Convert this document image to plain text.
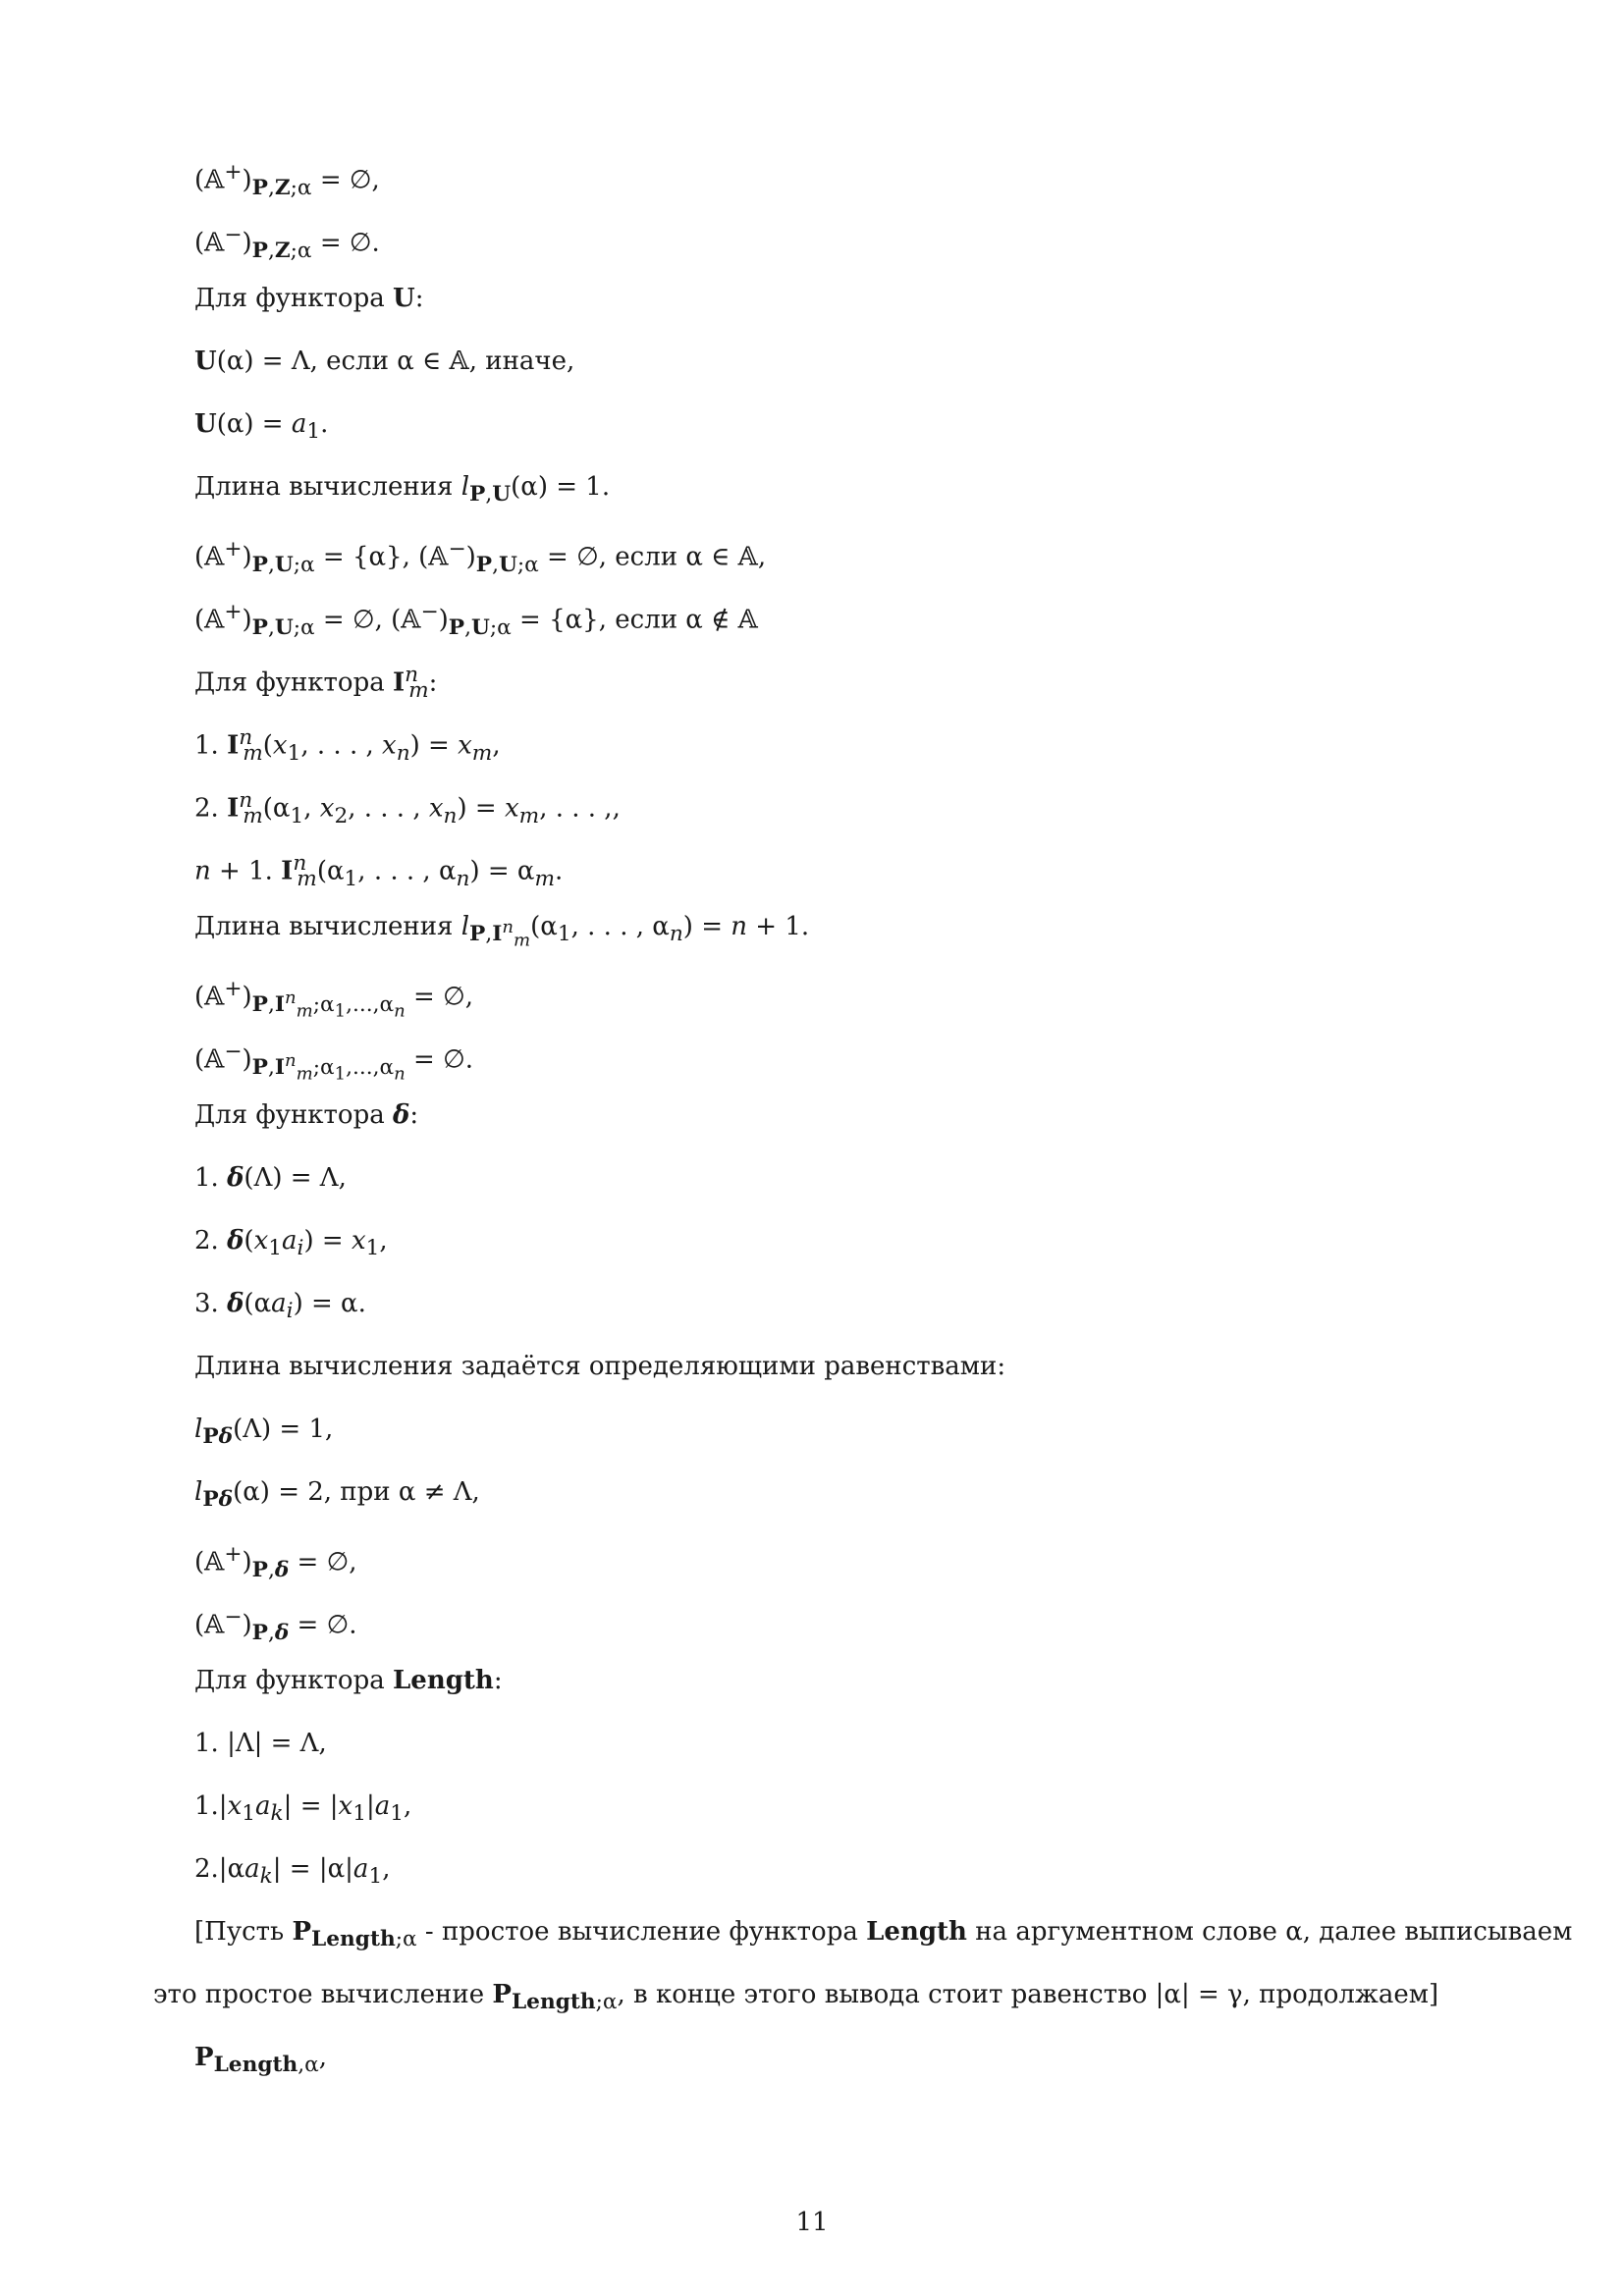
$(𝔸^+)_{P,Z;\alpha}$ = ∅,
$(𝔸^-)_{P,Z;\alpha}$ = ∅.
Для функтора U:
U(α) = Λ, если α ∈ 𝔸, иначе,
$U(\alpha) = a_1$.
Длина вычисления $l_{P,U}(\alpha) = 1$.
$(𝔸^+)_{P,U;\alpha} = \{\alpha\}$, $(𝔸^-)_{P,U;\alpha}$ = ∅, если α ∈ 𝔸,
$(𝔸^+)_{P,U;\alpha}$ = ∅, $(𝔸^-)_{P,U;\alpha} = \{\alpha\}$, если α ∉ 𝔸
Для функтора $I^n_m$:
1. $I^n_m(x_1$, . . . , $x_n) = x_m$,
2. $I^n_m(\alpha_1$, $x_2$, . . . , $x_n) = x_m$, . . . ,,
n + 1. $I^n_m(\alpha_1$, . . . , $\alpha_n) = \alpha_m$.
Длина вычисления $l_{P,I^n_m}(\alpha_1$, . . . , $\alpha_n) = n + 1$.
$(𝔸^+)_{P,I^n_m;\alpha_1,...,\alpha_n}$ = ∅,
$(𝔸^-)_{P,I^n_m;\alpha_1,...,\alpha_n}$ = ∅.
Для функтора δ:
1. δ(Λ) = Λ,
2. $\delta(x_1a_i) = x_1$,
3. $\delta(\alpha a_i) = \alpha$.
Длина вычисления задаётся определяющими равенствами:
$l_{P\delta}(\Lambda) = 1$,
$l_{P\delta}(\alpha) = 2$, при α ≠ Λ,
$(𝔸^+)_{P,\delta}$ = ∅,
$(𝔸^-)_{P,\delta}$ = ∅.
Для функтора Length:
1. |Λ| = Λ,
$1.|x_1a_k| = |x_1|a_1$,
$2.|\alpha a_k| = |\alpha|a_1$,
[Пусть $P_{Length;\alpha}$ - простое вычисление функтора Length на аргументном слове α, далее выписываем
это простое вычисление $P_{Length;\alpha}$, в конце этого вывода стоит равенство |α| = γ, продолжаем]
$P_{Length,\alpha}$,
11
